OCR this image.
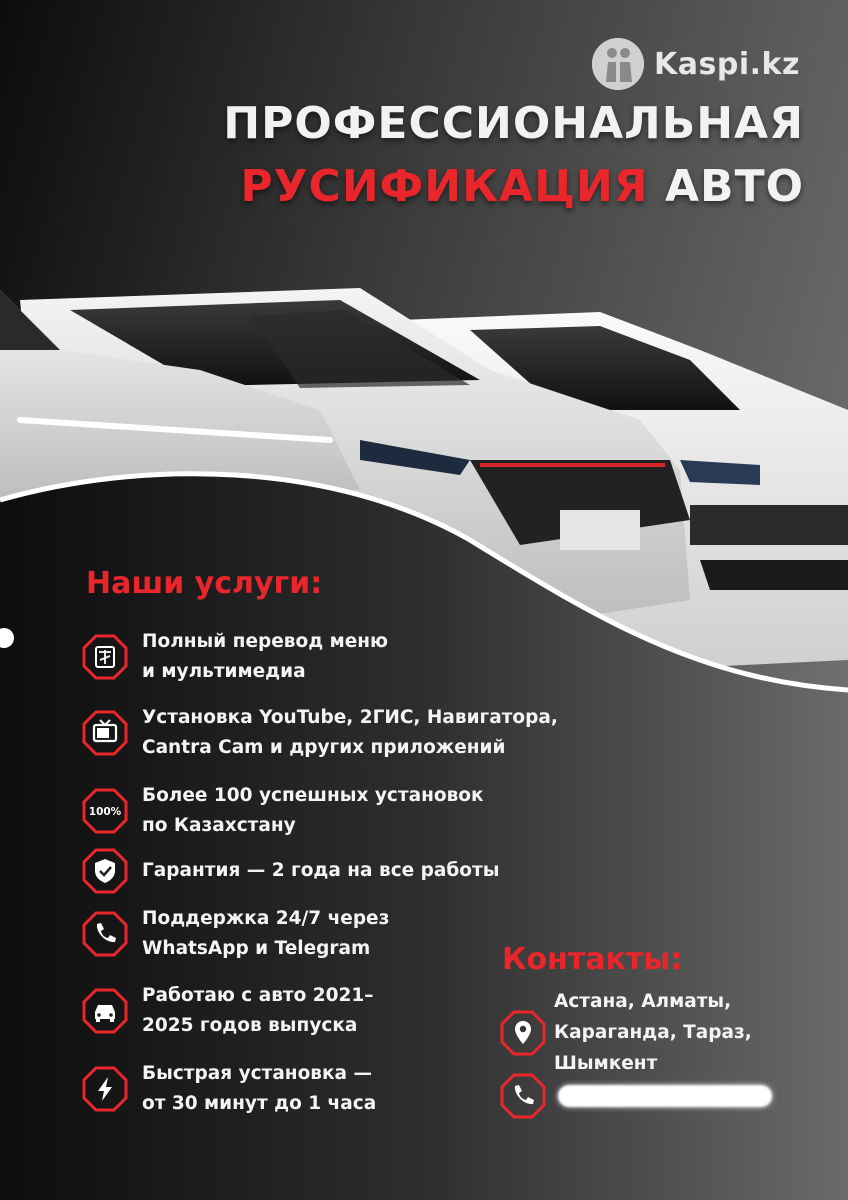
Kaspi.kz
ПРОФЕССИОНАЛЬНАЯ
РУСИФИКАЦИЯ АВТО
Наши услуги:
Полный перевод меню
и мультимедиа
Установка YouTube, 2ГИС, Навигатора,
Cantra Cam и других приложений
100%
Более 100 успешных установок
по Казахстану
Гарантия — 2 года на все работы
Поддержка 24/7 через
WhatsApp и Telegram
Работаю с авто 2021–
2025 годов выпуска
Быстрая установка —
от 30 минут до 1 часа
Контакты:
Астана, Алматы,
Караганда, Тараз,
Шымкент
